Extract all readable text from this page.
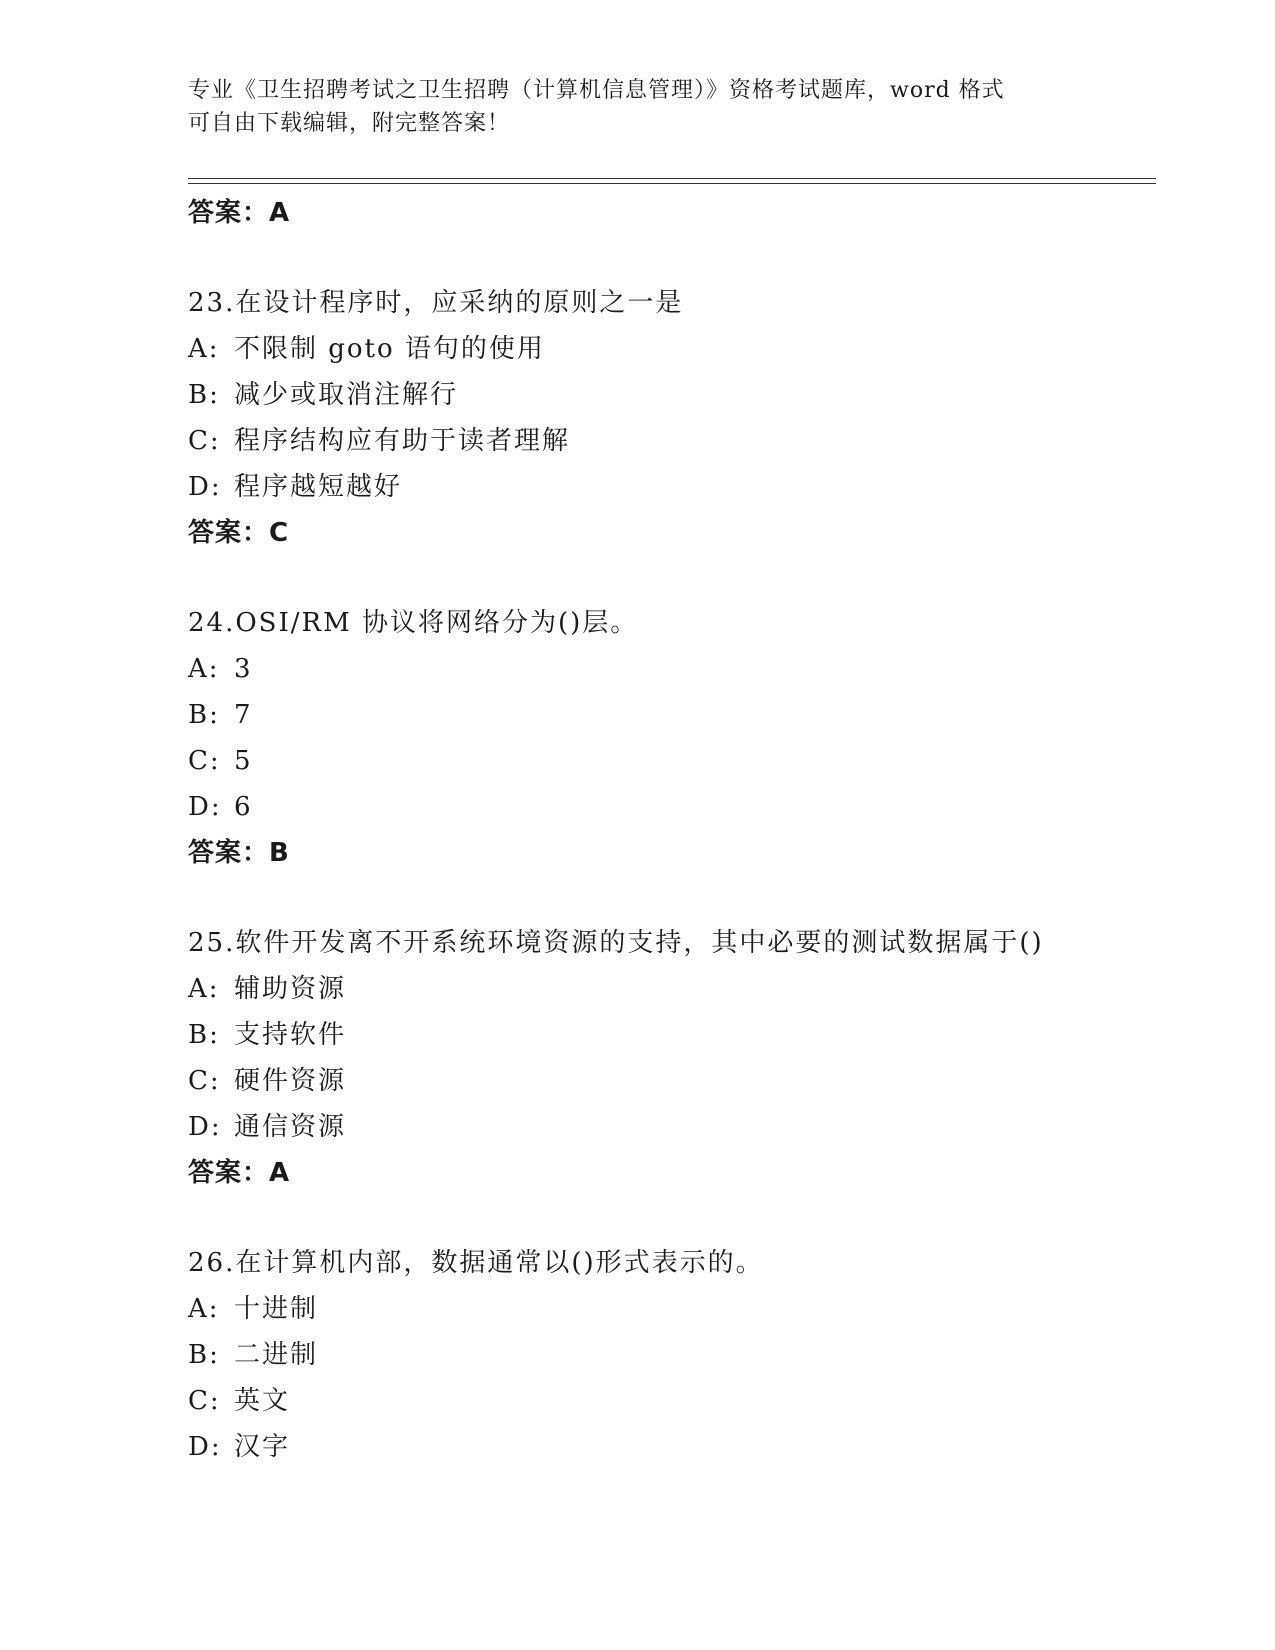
专业《卫生招聘考试之卫生招聘（计算机信息管理）》资格考试题库，word 格式
可自由下载编辑，附完整答案！
答案：A
23.在设计程序时，应采纳的原则之一是
A: 不限制 goto 语句的使用
B: 减少或取消注解行
C: 程序结构应有助于读者理解
D: 程序越短越好
答案：C
24.OSI/RM 协议将网络分为()层。
A: 3
B: 7
C: 5
D: 6
答案：B
25.软件开发离不开系统环境资源的支持，其中必要的测试数据属于()
A: 辅助资源
B: 支持软件
C: 硬件资源
D: 通信资源
答案：A
26.在计算机内部，数据通常以()形式表示的。
A: 十进制
B: 二进制
C: 英文
D: 汉字
